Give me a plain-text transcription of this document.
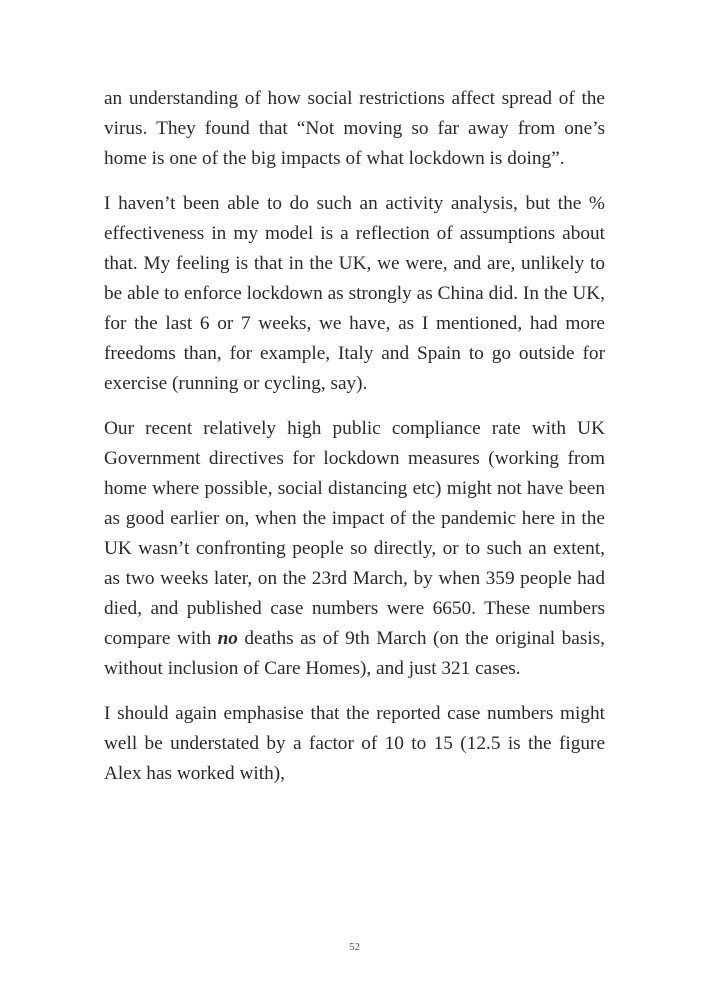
an understanding of how social restrictions affect spread of the virus. They found that “Not moving so far away from one’s home is one of the big impacts of what lockdown is doing”.

I haven’t been able to do such an activity analysis, but the % effectiveness in my model is a reflection of assumptions about that. My feeling is that in the UK, we were, and are, unlikely to be able to enforce lockdown as strongly as China did. In the UK, for the last 6 or 7 weeks, we have, as I mentioned, had more freedoms than, for example, Italy and Spain to go outside for exercise (running or cycling, say).

Our recent relatively high public compliance rate with UK Government directives for lockdown measures (working from home where possible, social distancing etc) might not have been as good earlier on, when the impact of the pandemic here in the UK wasn’t confronting people so directly, or to such an extent, as two weeks later, on the 23rd March, by when 359 people had died, and published case numbers were 6650. These numbers compare with no deaths as of 9th March (on the original basis, without inclusion of Care Homes), and just 321 cases.

I should again emphasise that the reported case numbers might well be understated by a factor of 10 to 15 (12.5 is the figure Alex has worked with),

52
